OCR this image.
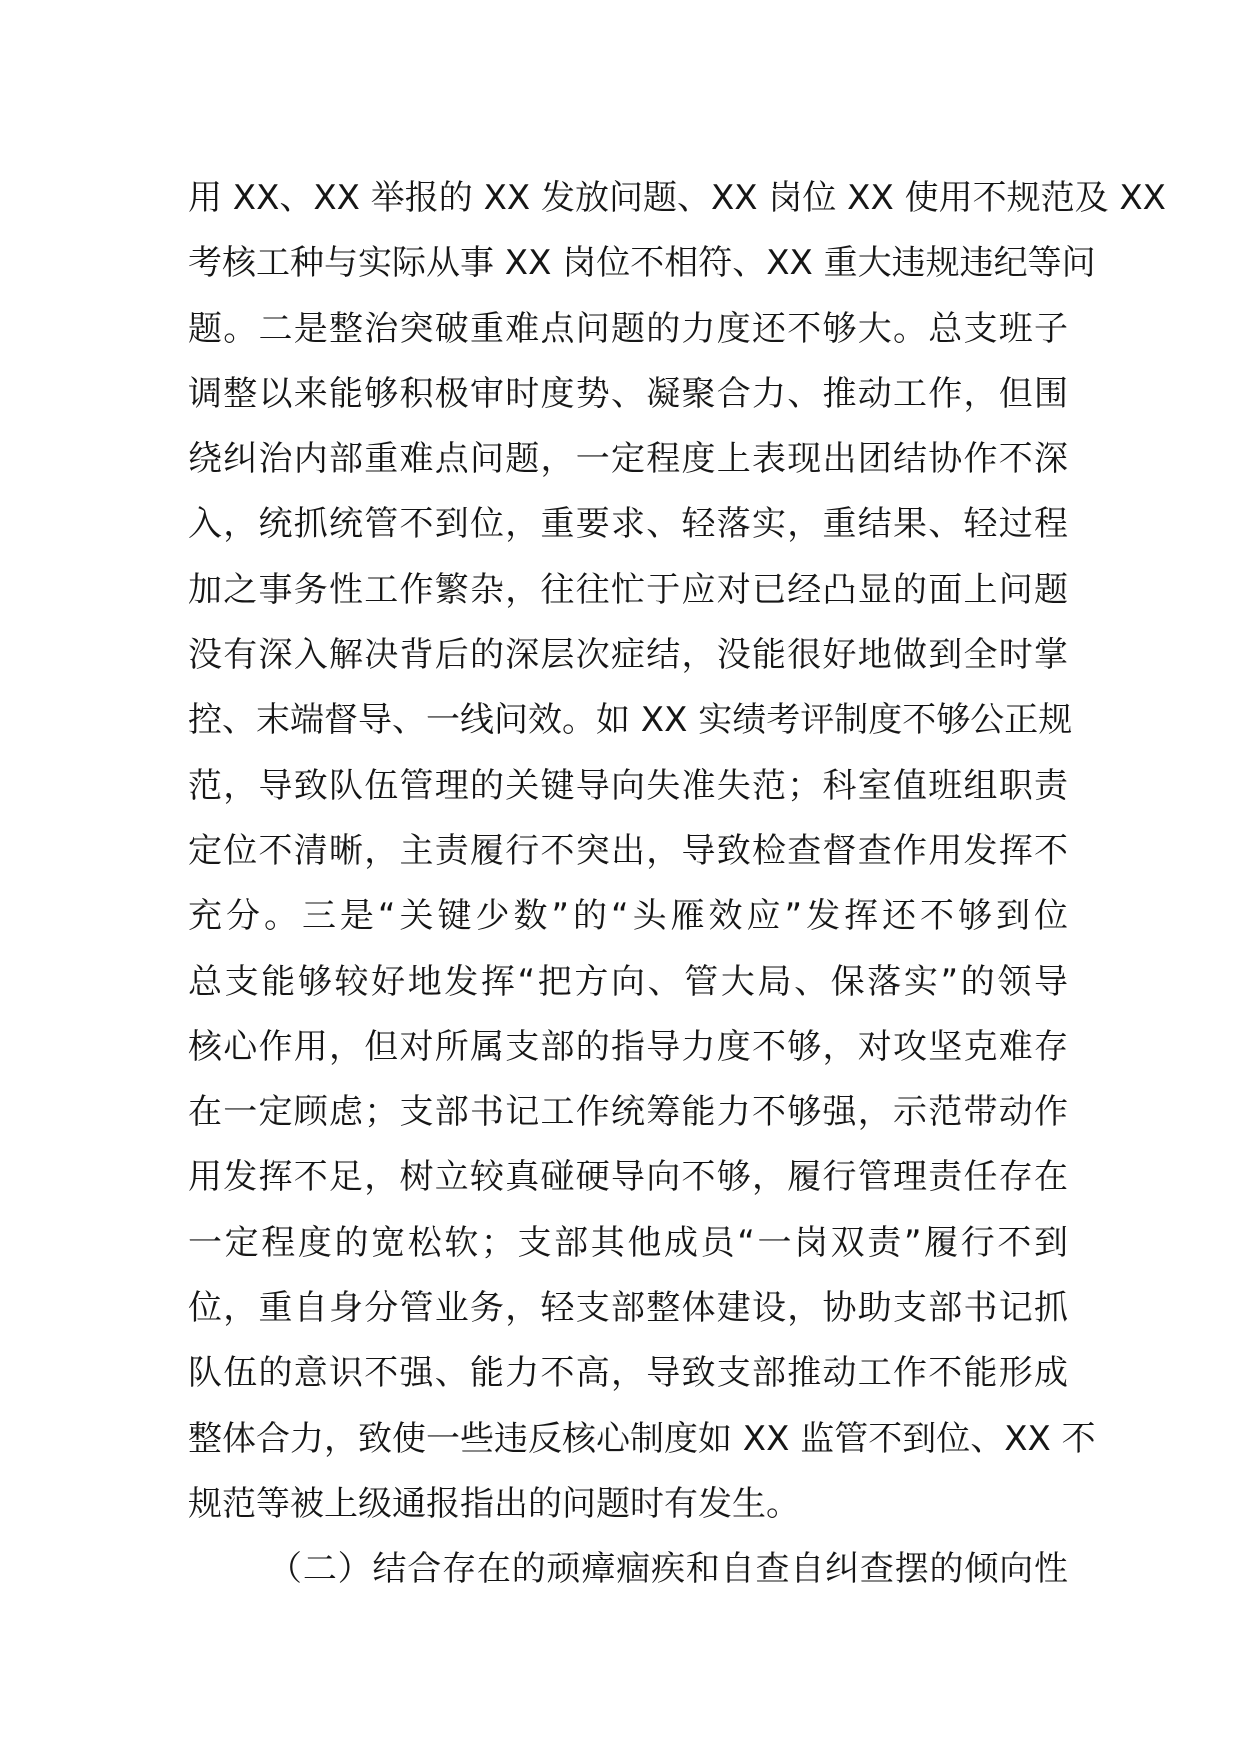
用 XX、XX 举报的 XX 发放问题、XX 岗位 XX 使用不规范及 XX
考核工种与实际从事 XX 岗位不相符、XX 重大违规违纪等问
题。二是整治突破重难点问题的力度还不够大。总支班子
调整以来能够积极审时度势、凝聚合力、推动工作，但围
绕纠治内部重难点问题，一定程度上表现出团结协作不深
入，统抓统管不到位，重要求、轻落实，重结果、轻过程
加之事务性工作繁杂，往往忙于应对已经凸显的面上问题
没有深入解决背后的深层次症结，没能很好地做到全时掌
控、末端督导、一线问效。如 XX 实绩考评制度不够公正规
范，导致队伍管理的关键导向失准失范；科室值班组职责
定位不清晰，主责履行不突出，导致检查督查作用发挥不
充分。三是“关键少数”的“头雁效应”发挥还不够到位
总支能够较好地发挥“把方向、管大局、保落实”的领导
核心作用，但对所属支部的指导力度不够，对攻坚克难存
在一定顾虑；支部书记工作统筹能力不够强，示范带动作
用发挥不足，树立较真碰硬导向不够，履行管理责任存在
一定程度的宽松软；支部其他成员“一岗双责”履行不到
位，重自身分管业务，轻支部整体建设，协助支部书记抓
队伍的意识不强、能力不高，导致支部推动工作不能形成
整体合力，致使一些违反核心制度如 XX 监管不到位、XX 不
规范等被上级通报指出的问题时有发生。
（二）结合存在的顽瘴痼疾和自查自纠查摆的倾向性
